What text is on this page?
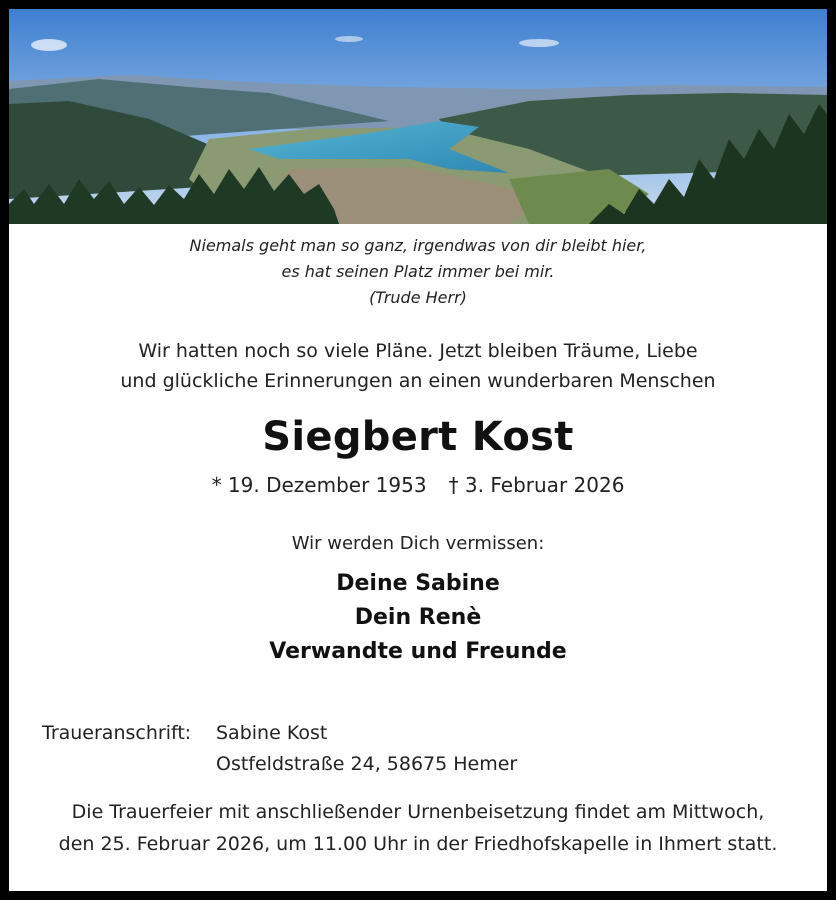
Niemals geht man so ganz, irgendwas von dir bleibt hier,
es hat seinen Platz immer bei mir.
(Trude Herr)
Wir hatten noch so viele Pläne. Jetzt bleiben Träume, Liebe
und glückliche Erinnerungen an einen wunderbaren Menschen
Siegbert Kost
* 19. Dezember 1953 † 3. Februar 2026
Wir werden Dich vermissen:
Deine Sabine
Dein Renè
Verwandte und Freunde
Traueranschrift: Sabine Kost
Ostfeldstraße 24, 58675 Hemer
Die Trauerfeier mit anschließender Urnenbeisetzung findet am Mittwoch,
den 25. Februar 2026, um 11.00 Uhr in der Friedhofskapelle in Ihmert statt.
